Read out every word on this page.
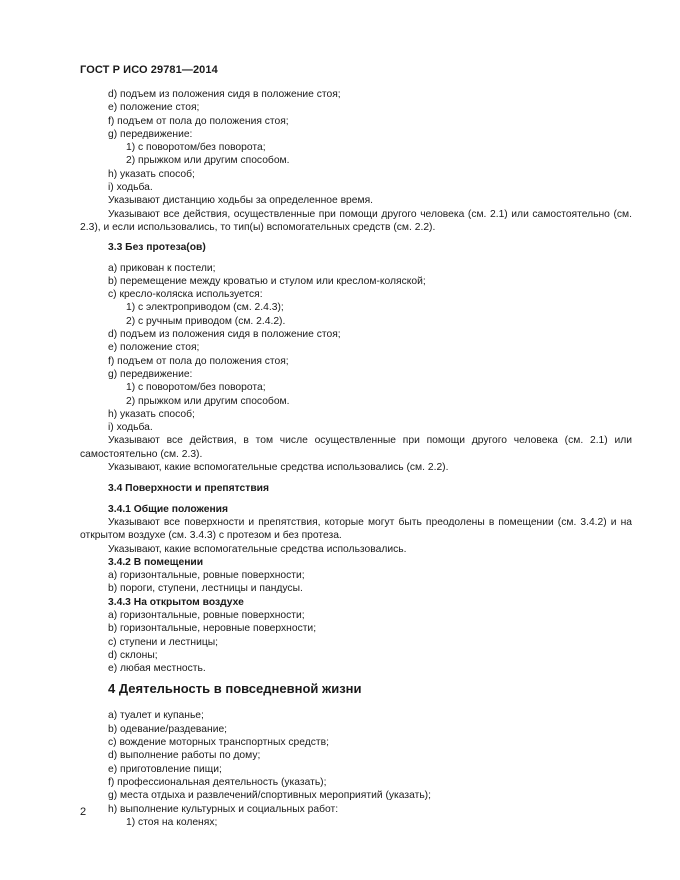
ГОСТ Р ИСО 29781—2014
d) подъем из положения сидя в положение стоя;
e) положение стоя;
f) подъем от пола до положения стоя;
g) передвижение:
1) с поворотом/без поворота;
2) прыжком или другим способом.
h) указать способ;
i) ходьба.
Указывают дистанцию ходьбы за определенное время.
Указывают все действия, осуществленные при помощи другого человека (см. 2.1) или самостоятельно (см. 2.3), и если использовались, то тип(ы) вспомогательных средств (см. 2.2).
3.3 Без протеза(ов)
a) прикован к постели;
b) перемещение между кроватью и стулом или креслом-коляской;
c) кресло-коляска используется:
1) с электроприводом (см. 2.4.3);
2) с ручным приводом (см. 2.4.2).
d) подъем из положения сидя в положение стоя;
e) положение стоя;
f) подъем от пола до положения стоя;
g) передвижение:
1) с поворотом/без поворота;
2) прыжком или другим способом.
h) указать способ;
i) ходьба.
Указывают все действия, в том числе осуществленные при помощи другого человека (см. 2.1) или самостоятельно (см. 2.3).
Указывают, какие вспомогательные средства использовались (см. 2.2).
3.4 Поверхности и препятствия
3.4.1 Общие положения
Указывают все поверхности и препятствия, которые могут быть преодолены в помещении (см. 3.4.2) и на открытом воздухе (см. 3.4.3) с протезом и без протеза.
Указывают, какие вспомогательные средства использовались.
3.4.2 В помещении
a) горизонтальные, ровные поверхности;
b) пороги, ступени, лестницы и пандусы.
3.4.3 На открытом воздухе
a) горизонтальные, ровные поверхности;
b) горизонтальные, неровные поверхности;
c) ступени и лестницы;
d) склоны;
e) любая местность.
4 Деятельность в повседневной жизни
a) туалет и купанье;
b) одевание/раздевание;
c) вождение моторных транспортных средств;
d) выполнение работы по дому;
e) приготовление пищи;
f) профессиональная деятельность (указать);
g) места отдыха и развлечений/спортивных мероприятий (указать);
h) выполнение культурных и социальных работ:
1) стоя на коленях;
2
